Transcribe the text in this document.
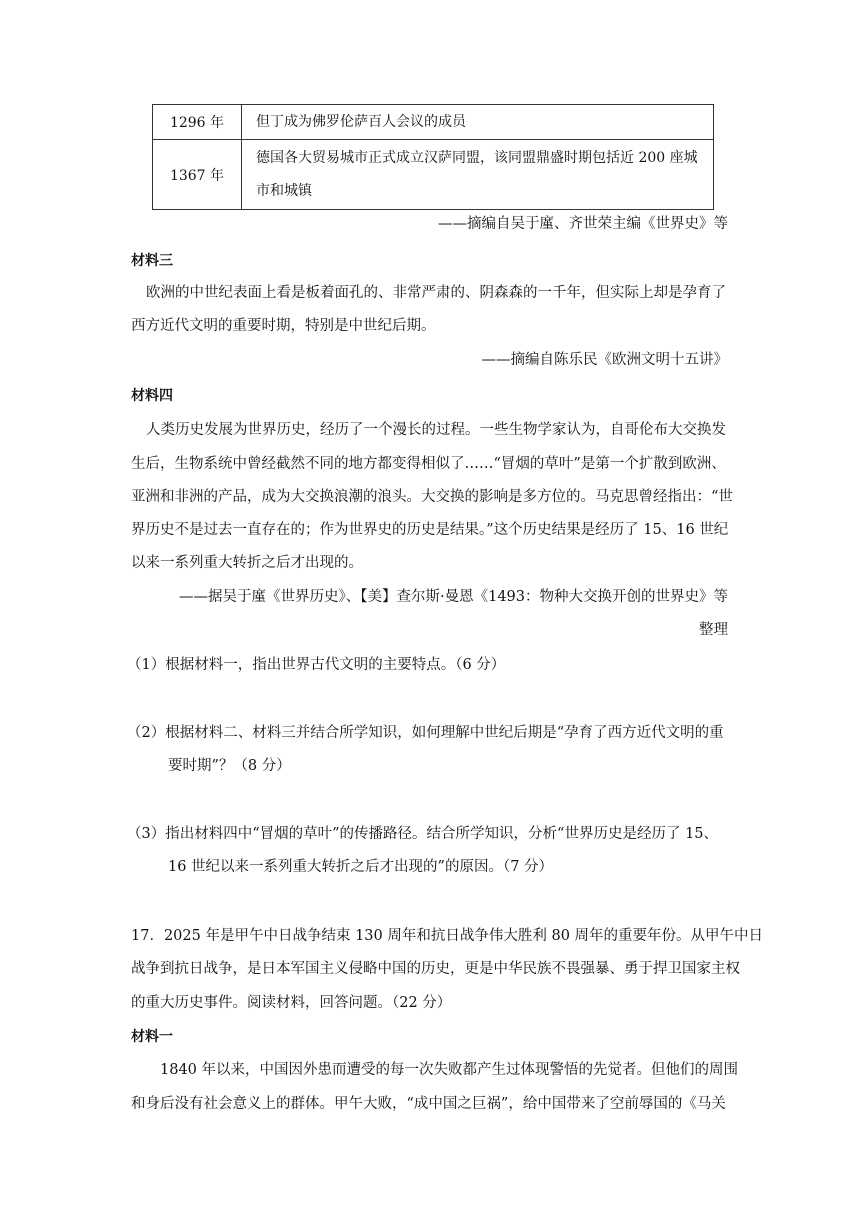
1296 年	但丁成为佛罗伦萨百人会议的成员
1367 年	德国各大贸易城市正式成立汉萨同盟，该同盟鼎盛时期包括近 200 座城
市和城镇
——摘编自吴于廑、齐世荣主编《世界史》等
材料三
欧洲的中世纪表面上看是板着面孔的、非常严肃的、阴森森的一千年，但实际上却是孕育了
西方近代文明的重要时期，特别是中世纪后期。
——摘编自陈乐民《欧洲文明十五讲》
材料四
人类历史发展为世界历史，经历了一个漫长的过程。一些生物学家认为，自哥伦布大交换发
生后，生物系统中曾经截然不同的地方都变得相似了……“冒烟的草叶”是第一个扩散到欧洲、
亚洲和非洲的产品，成为大交换浪潮的浪头。大交换的影响是多方位的。马克思曾经指出：“世
界历史不是过去一直存在的；作为世界史的历史是结果。”这个历史结果是经历了 15、16 世纪
以来一系列重大转折之后才出现的。
——据吴于廑《世界历史》、【美】查尔斯·曼恩《1493：物种大交换开创的世界史》等
整理
（1）根据材料一，指出世界古代文明的主要特点。（6 分）
（2）根据材料二、材料三并结合所学知识，如何理解中世纪后期是“孕育了西方近代文明的重
要时期”？（8 分）
（3）指出材料四中“冒烟的草叶”的传播路径。结合所学知识，分析“世界历史是经历了 15、
16 世纪以来一系列重大转折之后才出现的”的原因。（7 分）
17．2025 年是甲午中日战争结束 130 周年和抗日战争伟大胜利 80 周年的重要年份。从甲午中日
战争到抗日战争，是日本军国主义侵略中国的历史，更是中华民族不畏强暴、勇于捍卫国家主权
的重大历史事件。阅读材料，回答问题。（22 分）
材料一
1840 年以来，中国因外患而遭受的每一次失败都产生过体现警悟的先觉者。但他们的周围
和身后没有社会意义上的群体。甲午大败，“成中国之巨祸”，给中国带来了空前辱国的《马关
